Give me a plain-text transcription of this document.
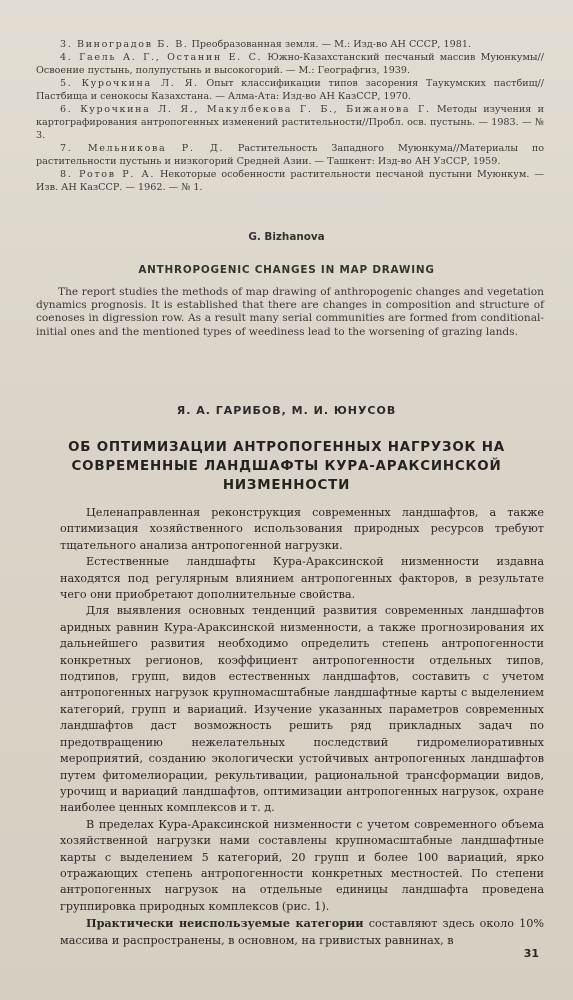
3. Виноградов Б. В. Преобразованная земля. — М.: Изд-во АН СССР, 1981.

4. Гаель А. Г., Останин Е. С. Южно-Казахстанский песчаный массив Муюнкумы//Освоение пустынь, полупустынь и высокогорий. — М.: Географгиз, 1939.

5. Курочкина Л. Я. Опыт классификации типов засорения Таукумских пастбищ//Пастбища и сенокосы Казахстана. — Алма-Ата: Изд-во АН КазССР, 1970.

6. Курочкина Л. Я., Макулбекова Г. Б., Бижанова Г. Методы изучения и картографирования антропогенных изменений растительности//Пробл. осв. пустынь. — 1983. — № 3.

7. Мельникова Р. Д. Растительность Западного Муюнкума//Материалы по растительности пустынь и низкогорий Средней Азии. — Ташкент: Изд-во АН УзССР, 1959.

8. Ротов Р. А. Некоторые особенности растительности песчаной пустыни Муюнкум. — Изв. АН КазССР. — 1962. — № 1.

G. Bizhanova
ANTHROPOGENIC CHANGES IN MAP DRAWING

The report studies the methods of map drawing of anthropogenic changes and vegetation dynamics prognosis. It is established that there are changes in composition and structure of coenoses in digression row. As a result many serial communities are formed from conditional-initial ones and the mentioned types of weediness lead to the worsening of grazing lands.

Я. А. ГАРИБОВ, М. И. ЮНУСОВ
ОБ ОПТИМИЗАЦИИ АНТРОПОГЕННЫХ НАГРУЗОК НА СОВРЕМЕННЫЕ ЛАНДШАФТЫ КУРА-АРАКСИНСКОЙ НИЗМЕННОСТИ

Целенаправленная реконструкция современных ландшафтов, а также оптимизация хозяйственного использования природных ресурсов требуют тщательного анализа антропогенной нагрузки.

Естественные ландшафты Кура-Араксинской низменности издавна находятся под регулярным влиянием антропогенных факторов, в результате чего они приобретают дополнительные свойства.

Для выявления основных тенденций развития современных ландшафтов аридных равнин Кура-Араксинской низменности, а также прогнозирования их дальнейшего развития необходимо определить степень антропогенности конкретных регионов, коэффициент антропогенности отдельных типов, подтипов, групп, видов естественных ландшафтов, составить с учетом антропогенных нагрузок крупномасштабные ландшафтные карты с выделением категорий, групп и вариаций. Изучение указанных параметров современных ландшафтов даст возможность решить ряд прикладных задач по предотвращению нежелательных последствий гидромелиоративных мероприятий, созданию экологически устойчивых антропогенных ландшафтов путем фитомелиорации, рекультивации, рациональной трансформации видов, урочищ и вариаций ландшафтов, оптимизации антропогенных нагрузок, охране наиболее ценных комплексов и т. д.

В пределах Кура-Араксинской низменности с учетом современного объема хозяйственной нагрузки нами составлены крупномасштабные ландшафтные карты с выделением 5 категорий, 20 групп и более 100 вариаций, ярко отражающих степень антропогенности конкретных местностей. По степени антропогенных нагрузок на отдельные единицы ландшафта проведена группировка природных комплексов (рис. 1).

Практически неиспользуемые категории составляют здесь около 10% массива и распространены, в основном, на гривистых равнинах, в

31
